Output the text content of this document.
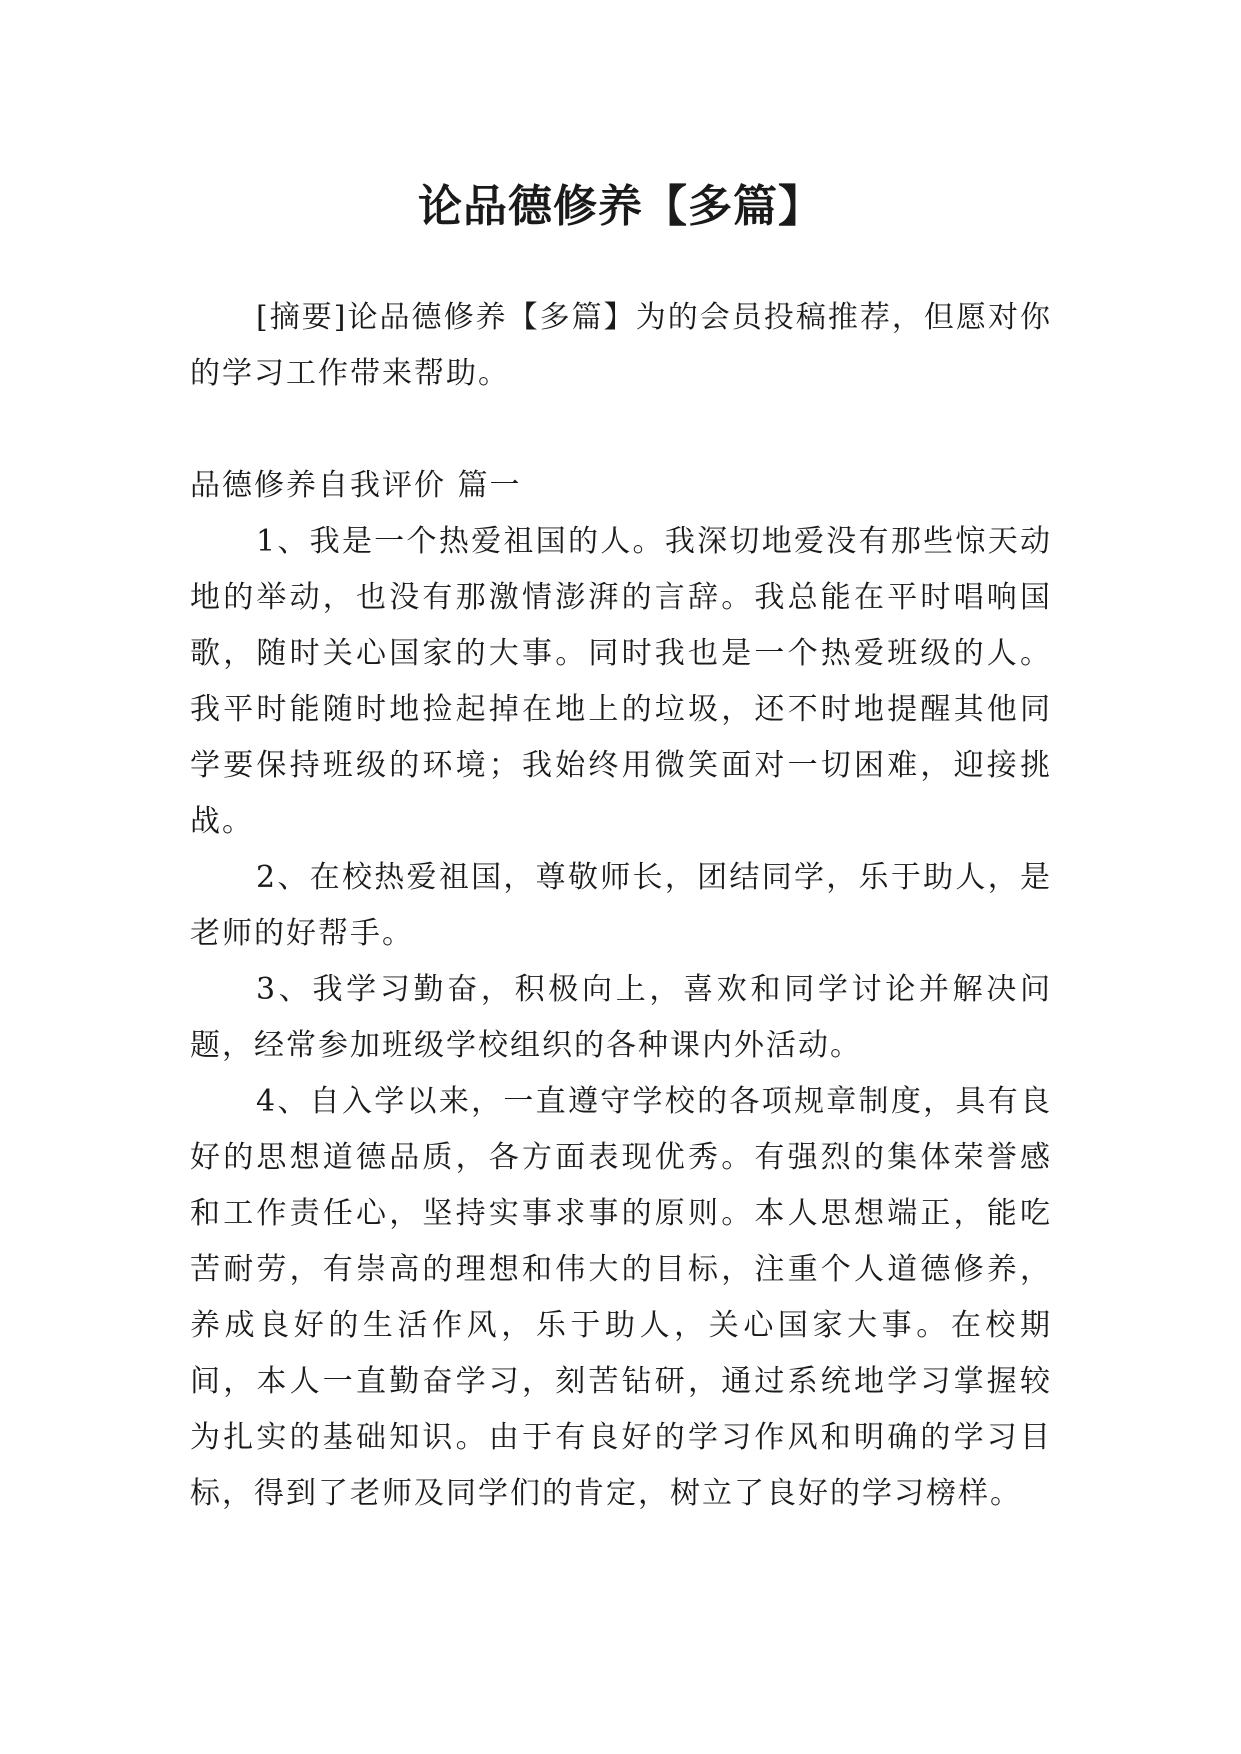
论品德修养【多篇】

[摘要]论品德修养【多篇】为的会员投稿推荐，但愿对你的学习工作带来帮助。

品德修养自我评价 篇一

1、我是一个热爱祖国的人。我深切地爱没有那些惊天动地的举动，也没有那激情澎湃的言辞。我总能在平时唱响国歌，随时关心国家的大事。同时我也是一个热爱班级的人。我平时能随时地捡起掉在地上的垃圾，还不时地提醒其他同学要保持班级的环境；我始终用微笑面对一切困难，迎接挑战。

2、在校热爱祖国，尊敬师长，团结同学，乐于助人，是老师的好帮手。

3、我学习勤奋，积极向上，喜欢和同学讨论并解决问题，经常参加班级学校组织的各种课内外活动。

4、自入学以来，一直遵守学校的各项规章制度，具有良好的思想道德品质，各方面表现优秀。有强烈的集体荣誉感和工作责任心，坚持实事求事的原则。本人思想端正，能吃苦耐劳，有崇高的理想和伟大的目标，注重个人道德修养，养成良好的生活作风，乐于助人，关心国家大事。在校期间，本人一直勤奋学习，刻苦钻研，通过系统地学习掌握较为扎实的基础知识。由于有良好的学习作风和明确的学习目标，得到了老师及同学们的肯定，树立了良好的学习榜样。
